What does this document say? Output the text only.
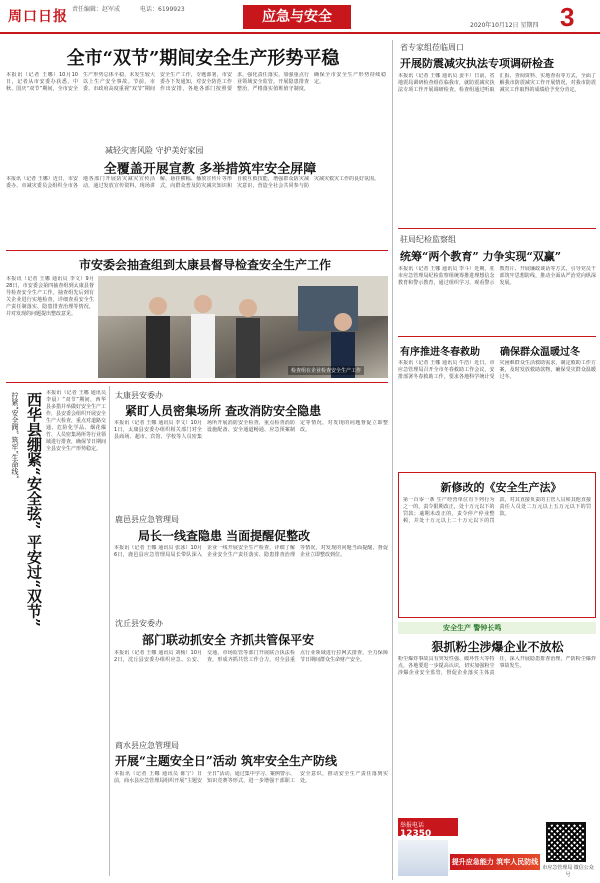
周口日报 责任编辑：赵军成	电话：6199923	应急与安全
2020年10月12日 星期四 3
全市“双节”期间安全生产形势平稳
本报讯（记者 王娜）10月10日，记者从市安委办获悉，中秋、国庆“双节”期间，全市安全生产形势总体平稳，未发生较大以上生产安全事故。节前，市委、市政府高度重视“双节”期间安全生产工作，专题部署，市安委办下发通知，对安全防范工作作出安排，各地各部门按照要求，强化责任落实，加强重点行业领域安全监管，开展隐患排查整治，严格落实值班值守制度，确保全市安全生产形势持续稳定。
减轻灾害风险 守护美好家园
全覆盖开展宣教 多举措筑牢安全屏障
本报讯（记者 王娜）近日，市安委办、市减灾委员会组织全市各地各部门开展防灾减灾宣传活动，通过发放宣传资料、现场讲解、悬挂横幅、播放宣传片等形式，向群众普及防灾减灾知识和自救互救技能，增强群众防灾减灾意识，营造全社会共同参与防灾减灾救灾工作的良好氛围。
市安委会抽查组到太康县督导检查安全生产工作
本报讯（记者 王娜 通讯员 李文）9月28日，市安委会第四抽查组到太康县督导检查安全生产工作。抽查组先后到有关企业进行实地检查，详细查看安全生产责任制落实、隐患排查治理等情况，并对发现的问题提出整改意见。
检查组在企业检查安全生产工作
拧紧“安全阀” 筑牢“生命线” 西华县绷紧“安全弦” 平安过“双节” 本报讯（记者 王娜 通讯员 李晨）“双节”期间，西华县多措并举做好安全生产工作，县安委会组织开展安全生产大检查，重点对道路交通、危险化学品、烟花爆竹、人员密集场所等行业领域进行排查，确保节日期间全县安全生产形势稳定。
太康县安委办
紧盯人员密集场所 查改消防安全隐患
本报讯（记者 王娜 通讯员 李文）10月1日，太康县安委办组织相关部门对全县商场、超市、宾馆、学校等人员密集场所开展消防安全检查，重点检查消防设施配备、安全通道畅通、应急预案制定等情况，对发现的问题督促立即整改。
鹿邑县应急管理局
局长一线查隐患 当面提醒促整改
本报讯（记者 王娜 通讯员 张冰）10月6日，鹿邑县应急管理局局长带队深入企业一线开展安全生产检查，详细了解企业安全生产责任落实、隐患排查治理等情况，对发现的问题当面提醒，督促企业立即整改到位。
沈丘县安委办
部门联动抓安全 齐抓共管保平安
本报讯（记者 王娜 通讯员 刘杨）10月2日，沈丘县安委办组织应急、公安、交通、市场监管等部门开展联合执法检查，形成齐抓共管工作合力，对全县重点行业领域进行拉网式排查，全力保障节日期间群众生命财产安全。
商水县应急管理局
开展“主题安全日”活动 筑牢安全生产防线
本报讯（记者 王娜 通讯员 陈宁）日前，商水县应急管理局组织开展“主题安全日”活动，通过集中学习、案例警示、知识竞赛等形式，进一步增强干部职工安全意识，推动安全生产责任落到实处。
省专家组莅临周口
开展防震减灾执法专项调研检查
本报讯（记者 王娜 通讯员 姜丰）日前，省地震局调研检查组莅临我市，就防震减灾执法专项工作开展调研检查。检查组通过听取汇报、查阅资料、实地查看等方式，全面了解我市防震减灾工作开展情况，对我市防震减灾工作取得的成绩给予充分肯定。
驻局纪检监察组
统筹“两个教育” 力争实现“双赢”
本报讯（记者 王娜 通讯员 李斗）近期，驻市应急管理局纪检监察组统筹推进理想信念教育和警示教育，通过组织学习、观看警示教育片、开展廉政谈话等方式，引导党员干部筑牢思想防线，推动全面从严治党向纵深发展。
有序推进冬春救助 确保群众温暖过冬
本报讯（记者 王娜 通讯员 牛浩）近日，市应急管理局召开全市冬春救助工作会议，安排部署冬春救助工作，要求各地科学统计受灾困难群众生活救助需求，制定救助工作方案，及时发放救助款物，确保受灾群众温暖过冬。
新修改的《安全生产法》
第一百零一条 生产经营单位有下列行为之一的，责令限期改正，处十万元以下的罚款；逾期未改正的，责令停产停业整顿，并处十万元以上二十万元以下的罚款，对其直接负责的主管人员和其他直接责任人员处二万元以上五万元以下的罚款。
安全生产 警钟长鸣
狠抓粉尘涉爆企业不放松
粉尘爆炸事故具有突发性强、破坏性大等特点，各地要进一步提高认识，切实加强粉尘涉爆企业安全监管，督促企业落实主体责任，深入开展隐患排查治理，严防粉尘爆炸事故发生。
举报电话 12350
提升应急能力 筑牢人民防线
市应急管理局 微信公众号
